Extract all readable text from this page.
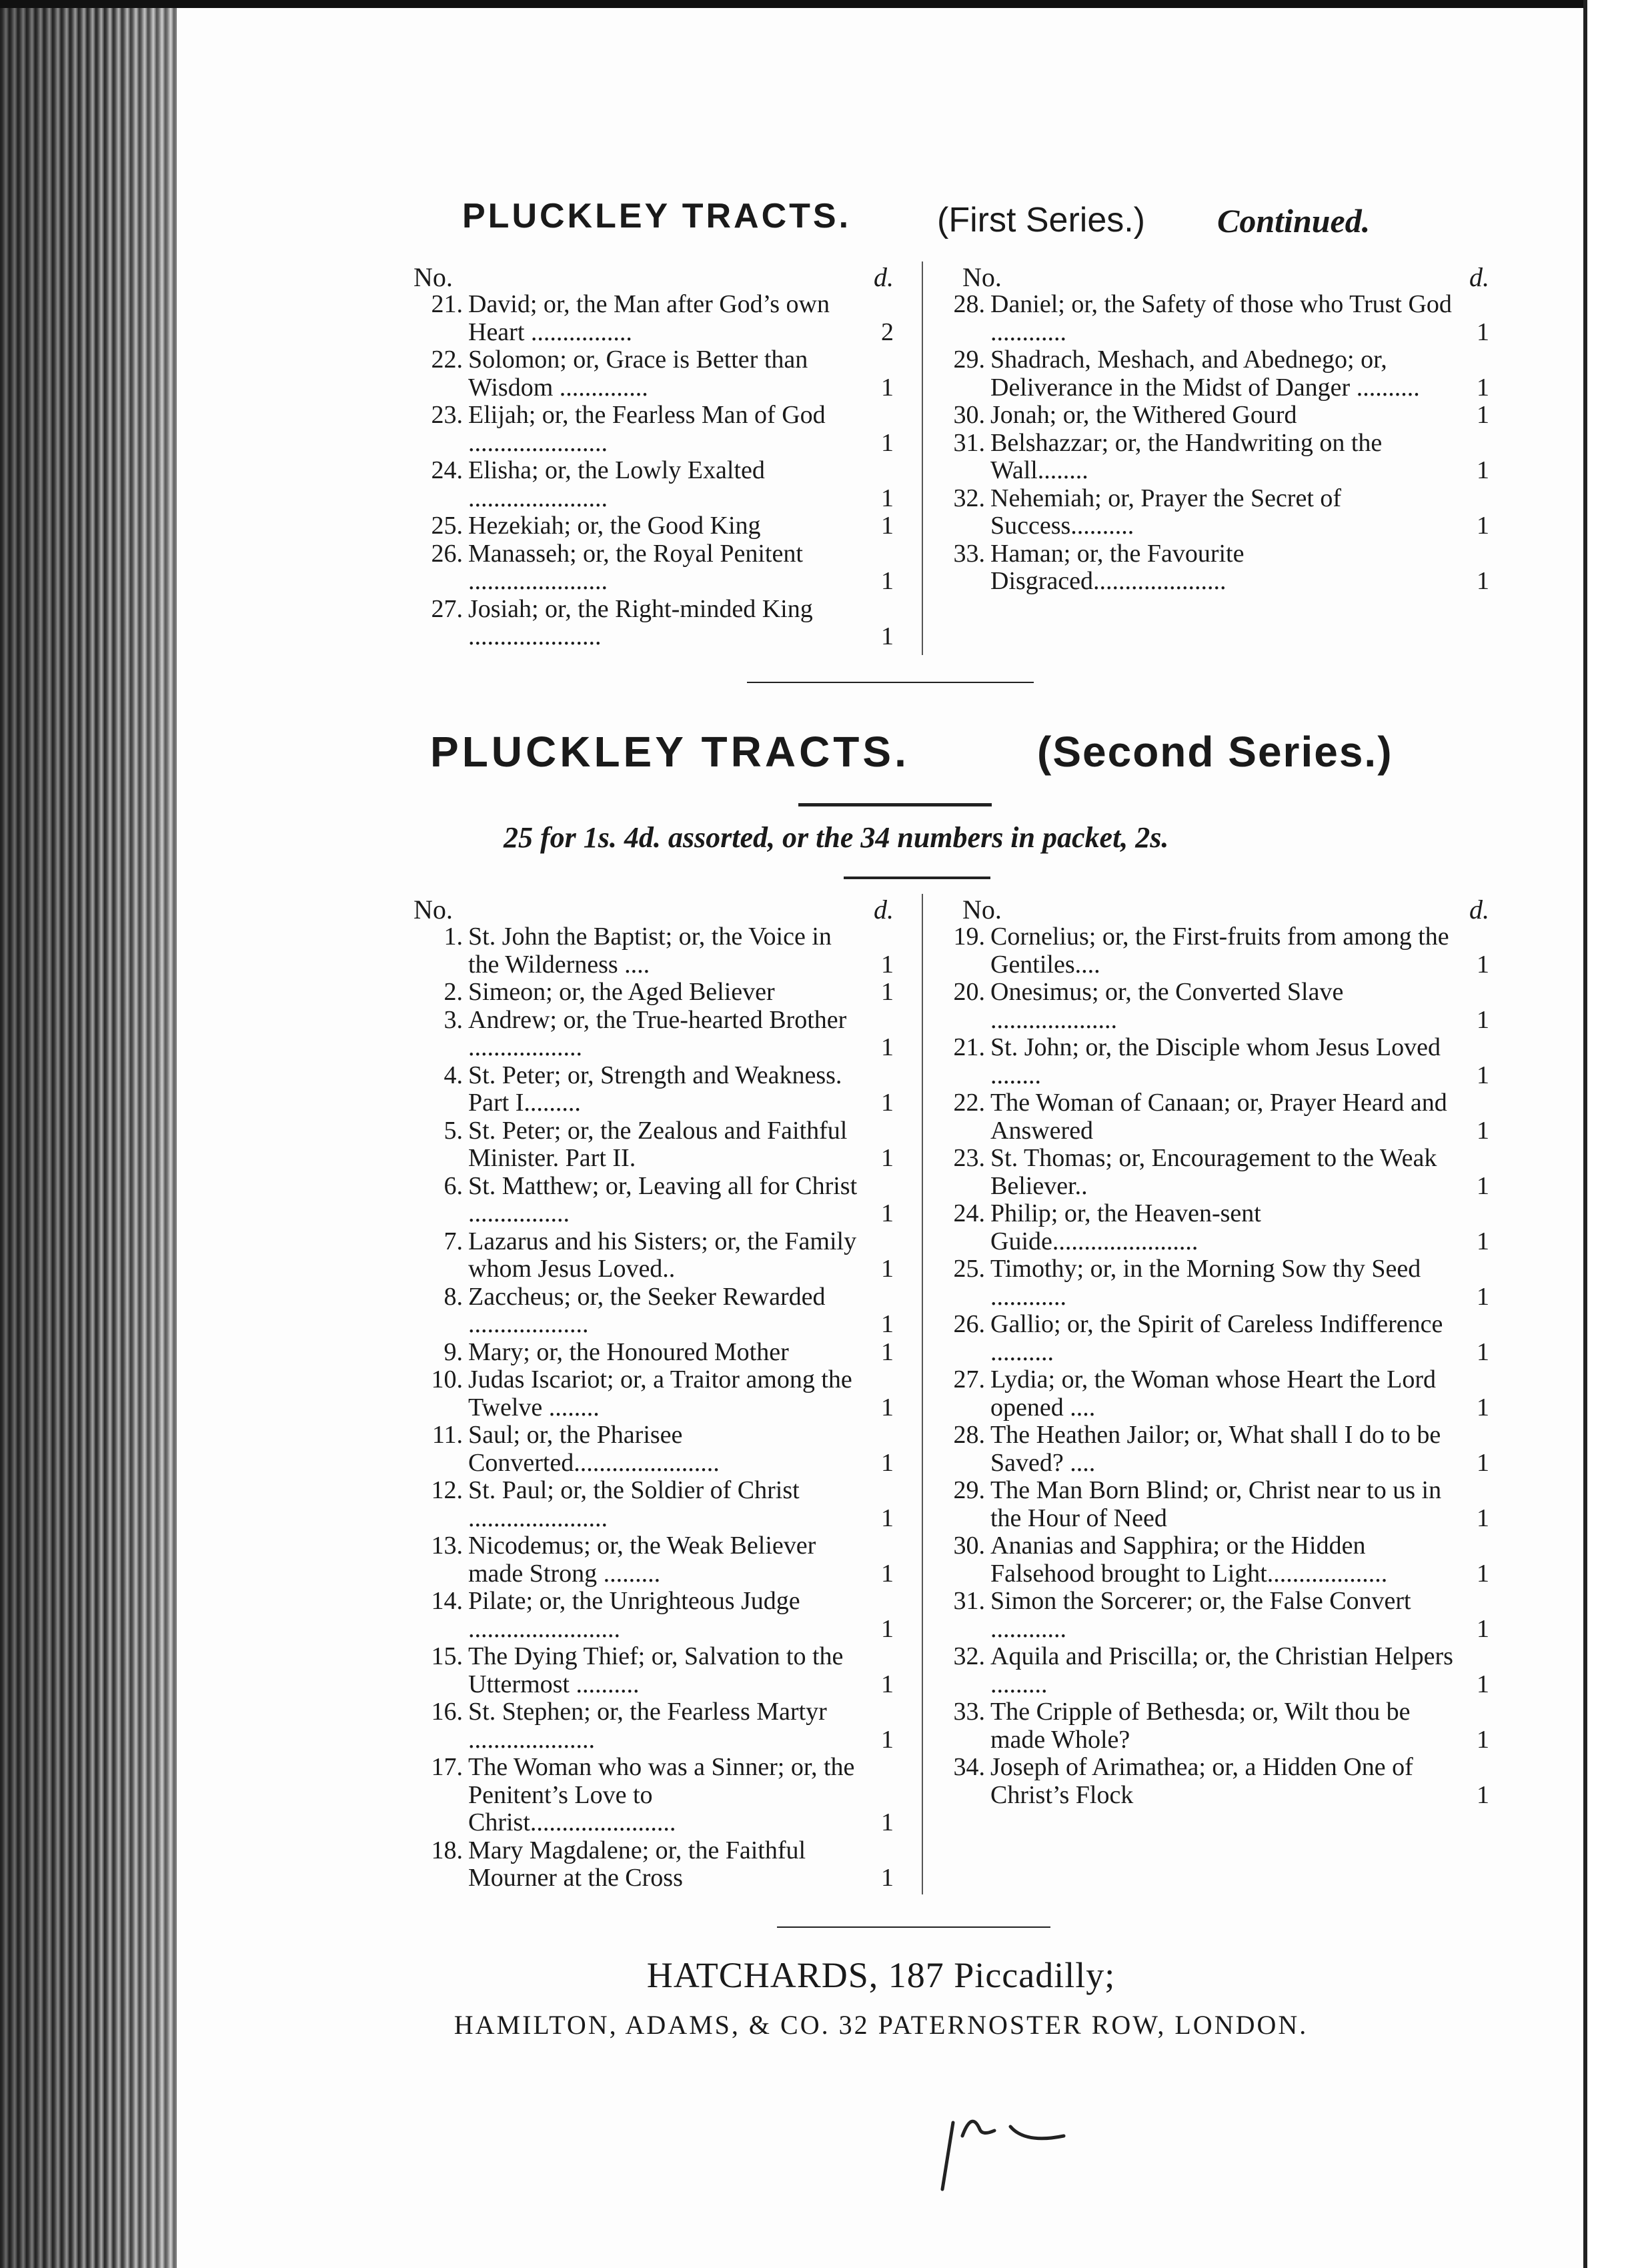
PLUCKLEY TRACTS. (First Series.) Continued.
No.	d.
21. David; or, the Man after God’s own Heart ................	2
22. Solomon; or, Grace is Better than Wisdom ..............	1
23. Elijah; or, the Fearless Man of God ......................	1
24. Elisha; or, the Lowly Exalted ......................	1
25. Hezekiah; or, the Good King	1
26. Manasseh; or, the Royal Penitent ......................	1
27. Josiah; or, the Right-minded King .....................	1
No.	d.
28. Daniel; or, the Safety of those who Trust God ............	1
29. Shadrach, Meshach, and Abednego; or, Deliverance in the Midst of Danger ..........	1
30. Jonah; or, the Withered Gourd	1
31. Belshazzar; or, the Handwriting on the Wall........	1
32. Nehemiah; or, Prayer the Secret of Success..........	1
33. Haman; or, the Favourite Disgraced.....................	1
PLUCKLEY TRACTS.	(Second Series.)
25 for 1s. 4d. assorted, or the 34 numbers in packet, 2s.
No.	d.
1. St. John the Baptist; or, the Voice in the Wilderness ....	1
2. Simeon; or, the Aged Believer	1
3. Andrew; or, the True-hearted Brother ..................	1
4. St. Peter; or, Strength and Weakness. Part I.........	1
5. St. Peter; or, the Zealous and Faithful Minister. Part II.	1
6. St. Matthew; or, Leaving all for Christ ................	1
7. Lazarus and his Sisters; or, the Family whom Jesus Loved..	1
8. Zaccheus; or, the Seeker Rewarded ...................	1
9. Mary; or, the Honoured Mother	1
10. Judas Iscariot; or, a Traitor among the Twelve ........	1
11. Saul; or, the Pharisee Converted.......................	1
12. St. Paul; or, the Soldier of Christ ......................	1
13. Nicodemus; or, the Weak Believer made Strong .........	1
14. Pilate; or, the Unrighteous Judge ........................	1
15. The Dying Thief; or, Salvation to the Uttermost ..........	1
16. St. Stephen; or, the Fearless Martyr ....................	1
17. The Woman who was a Sinner; or, the Penitent’s Love to Christ.......................	1
18. Mary Magdalene; or, the Faithful Mourner at the Cross	1
No.	d.
19. Cornelius; or, the First-fruits from among the Gentiles....	1
20. Onesimus; or, the Converted Slave ....................	1
21. St. John; or, the Disciple whom Jesus Loved ........	1
22. The Woman of Canaan; or, Prayer Heard and Answered	1
23. St. Thomas; or, Encouragement to the Weak Believer..	1
24. Philip; or, the Heaven-sent Guide.......................	1
25. Timothy; or, in the Morning Sow thy Seed ............	1
26. Gallio; or, the Spirit of Careless Indifference ..........	1
27. Lydia; or, the Woman whose Heart the Lord opened ....	1
28. The Heathen Jailor; or, What shall I do to be Saved? ....	1
29. The Man Born Blind; or, Christ near to us in the Hour of Need	1
30. Ananias and Sapphira; or the Hidden Falsehood brought to Light...................	1
31. Simon the Sorcerer; or, the False Convert ............	1
32. Aquila and Priscilla; or, the Christian Helpers .........	1
33. The Cripple of Bethesda; or, Wilt thou be made Whole?	1
34. Joseph of Arimathea; or, a Hidden One of Christ’s Flock	1
HATCHARDS, 187 Piccadilly;
HAMILTON, ADAMS, & CO. 32 PATERNOSTER ROW, LONDON.
